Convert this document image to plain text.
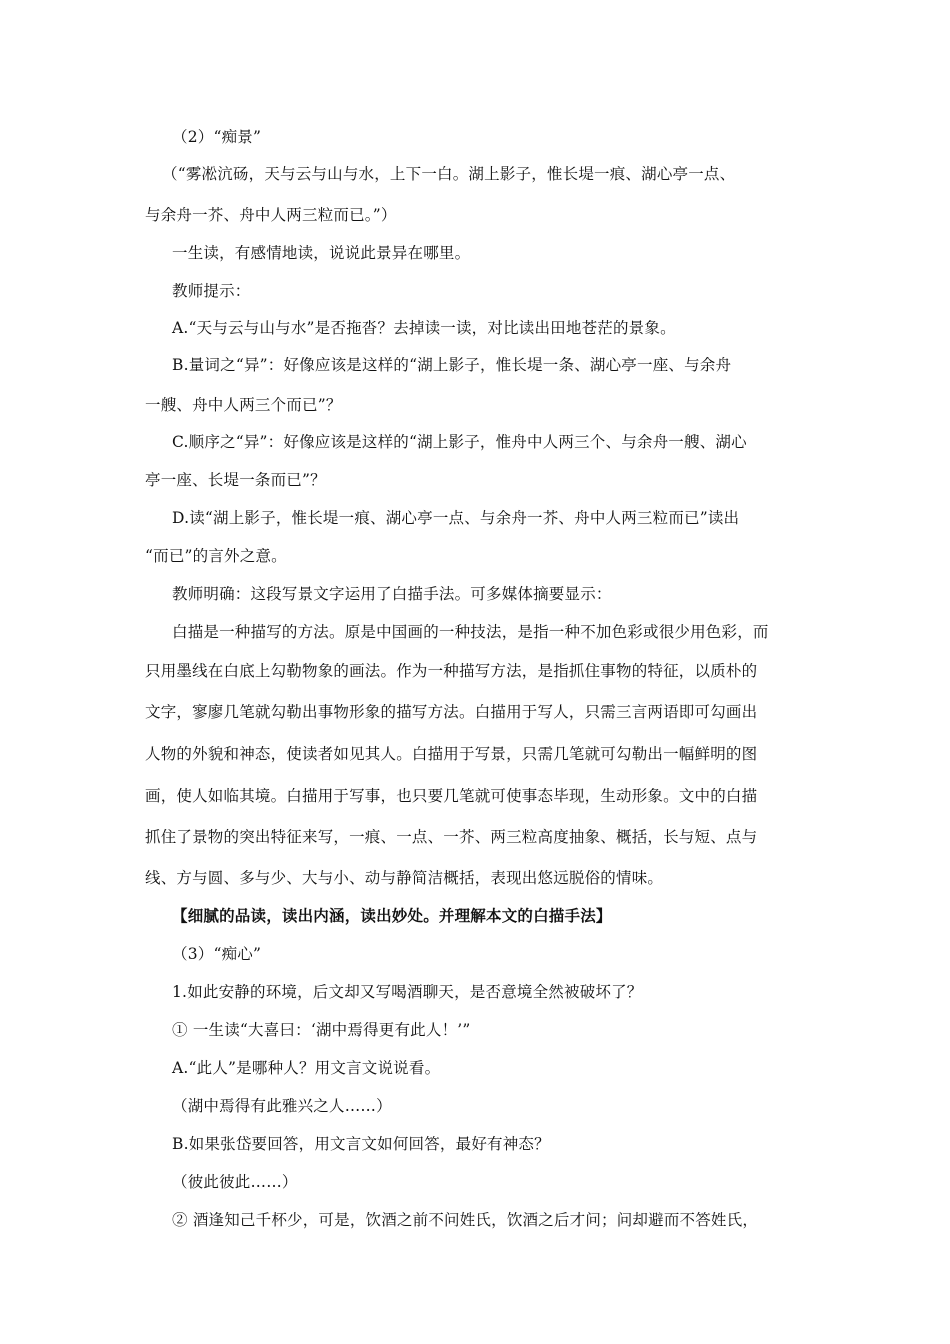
（2）“痴景”
（“雾凇沆砀，天与云与山与水，上下一白。湖上影子，惟长堤一痕、湖心亭一点、
与余舟一芥、舟中人两三粒而已。”）
一生读，有感情地读，说说此景异在哪里。
教师提示：
A.“天与云与山与水”是否拖沓？去掉读一读，对比读出田地苍茫的景象。
B.量词之“异”：好像应该是这样的“湖上影子，惟长堤一条、湖心亭一座、与余舟
一艘、舟中人两三个而已”？
C.顺序之“异”：好像应该是这样的“湖上影子，惟舟中人两三个、与余舟一艘、湖心
亭一座、长堤一条而已”？
D.读“湖上影子，惟长堤一痕、湖心亭一点、与余舟一芥、舟中人两三粒而已”读出
“而已”的言外之意。
教师明确：这段写景文字运用了白描手法。可多媒体摘要显示：
白描是一种描写的方法。原是中国画的一种技法，是指一种不加色彩或很少用色彩，而
只用墨线在白底上勾勒物象的画法。作为一种描写方法，是指抓住事物的特征，以质朴的
文字，寥廖几笔就勾勒出事物形象的描写方法。白描用于写人，只需三言两语即可勾画出
人物的外貌和神态，使读者如见其人。白描用于写景，只需几笔就可勾勒出一幅鲜明的图
画，使人如临其境。白描用于写事，也只要几笔就可使事态毕现，生动形象。文中的白描
抓住了景物的突出特征来写，一痕、一点、一芥、两三粒高度抽象、概括，长与短、点与
线、方与圆、多与少、大与小、动与静简洁概括，表现出悠远脱俗的情味。
【细腻的品读，读出内涵，读出妙处。并理解本文的白描手法】
（3）“痴心”
1.如此安静的环境，后文却又写喝酒聊天，是否意境全然被破坏了？
① 一生读“大喜曰：‘湖中焉得更有此人！’”
A.“此人”是哪种人？用文言文说说看。
（湖中焉得有此雅兴之人……）
B.如果张岱要回答，用文言文如何回答，最好有神态？
（彼此彼此……）
② 酒逢知己千杯少，可是，饮酒之前不问姓氏，饮酒之后才问；问却避而不答姓氏，
